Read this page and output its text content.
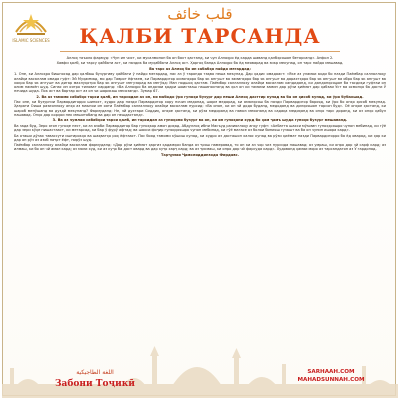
ISLAMIC SCIENCES
قلب خائف
ҚАЛБИ ТАРСАНДА

Аллоҳ таъоло фармуд: «Чун ин чист, ки мусалмонон ба он бахт ҳастанд, ки чун Аллоҳро ёд карда шаванд қалбҳояшон бетарсанд». Анфол 2.

Хавфи қалб, ки тарсу ҳайбати аст, ки наздик ба муҳаббати Аллоҳ аст. Ҳаргоҳ банда Аллоҳро ба ёд меоварад ва зикр мекунад, он тарс пайдо мешавад.

Ва тарс аз Аллоҳ бо ин сабабҳо пайдо мегардад:

1. Оне, ки Аллоҳро бишносад дар қалбаш бузургиву ҳайбати ӯ пайдо мегардад, пас аз ӯ таронда тақво пеша мекунад. Дар ҳадис омадааст: «Яке аз уламои ахди бо назди Паёмбар саллаллоҳу алайҳи васаллам омада гуфт: Эй Муҳаммад, мо дар Таврот ёфтаем, ки Парвардигор осмонҳоро бар як ангушт ва заминҳоро бар як ангушт ва дарахтҳоро бар як ангушт ва обро бар як ангушт ва хокро бар як ангушт ва дигар махлуқотро бар як ангушт мегузорад ва мегӯяд: Ман подшоҳ ҳастам. Паёмбар саллаллоҳу алайҳи васаллам хандиданд, ки дандонҳояшон ба тасдиқи гуфтаи он олим намоён шуд. Сипас ин оятро тиловат карданд: «Ва Аллоҳро ба андозаи қадри шоистааш нашинохтанд ва ҳол он ки тамоми замин дар рӯзи қиёмат дар қабзаи Ӯст ва осмонҳо ба дасти Ӯ печида шуда. Пок аст ва бартар аст аз он чи шарикаш месозанд». Зумар 67.

2. Ва аз тамоми сабабҳо тарси қалб, ин тарсидан аз он, ки мабодо ӯро гуноҳи бузург дар пеши Аллоҳ дастгир кунад ва ба он ҳисоб кунад, ки ӯро бубахшад.

Пас оне, ки бузургии Парвардигорро шинохт, худро дар назди Парвардигор хору ночиз медонад, шарм медорад, ки амалҳояш ба назди Парвардигор барояд, ки ӯро бо онҳо ҳисоб мекунад. Ҳазрати Оиша разияллоҳу анҳо аз маънои ин ояти Паёмбар саллаллоҳу алайҳи васаллам пурсид: «Ва онон, ки он чӣ дода буданд, медоданд ва дилҳояшон тарсон буд». Оё онҳое ҳастанд, ки шароб менӯшанд ва дуздӣ мекунанд? Фармуданд: Не, эй духтари Сиддиқ, онҳое ҳастанд, ки рӯза медоранд ва намоз мехонанд ва садақа медиҳанд ва онҳо тарс доранд, ки аз онҳо қабул нашавад. Онҳо дар корҳои нек мешитобанд ва дар он пешдастанд».

3. Ва аз чумлаи сабабҳои тарси қалб, ин тарсидан аз гуноҳони бузург ва он, ки ин гуноҳони хурд бо ҳам ҷамъ шуда гуноҳи бузург мешаванд.

Ва зада буд, Зеро ягон гуноҳе нест, ки аз азоби Парвардигор бар гуноҳкор амон диҳад. Абдуллоҳ ибни Масъуд разияллоҳу анҳу гуфт: «Албатта шахси мӯъмин гуноҳҳояшро чунон мебинад, ки гӯё дар зери кӯҳе нишастааст, ки метарсад, ки бар ӯ фурӯ афтад; ва шахси фоҷир гуноҳҳояшро чунон мебинад, ки гӯё магасе аз болои бинияш гузашт ва ба он чунин ишора кард».

Ба оташи дӯзах тавассути иштирокҳо ва шаҳватҳо роҳ ёфтааст. Пас бояд тамоми кӯшиш кунад, ки худро аз дасташон халос кунад ва рӯзи қиёмат назди Парвардигорро ба ёд оварад, ки ҳар ки дар он рӯз аз азоб наҷот ёфт, пирӯз шуд.

Паёмбар саллаллоҳу алайҳи васаллам фармуданд: «Дар рӯзи қиёмат ҳаргиз қадамҳои банда аз ҷояш намеравад, то он ки аз чор чиз пурсида нашавад: аз умраш, ки онро дар чӣ сарф кард; аз илмаш, ки бо он чӣ амал кард; аз моли худ, ки аз куҷо ба даст овард ва дар куҷо харҷ кард; ва аз ҷисмаш, ки онро дар чӣ фарсуда кард». Худованд ҳамаи моро аз тарсандагон аз Ӯ гардонад.

Тарҷумаи Ҷамолиддинзода Фирдавс.

اللغة الطاجيكية
Забони Тоҷикӣ
SARHAAH.COM
MAHADSUNNAH.COM
